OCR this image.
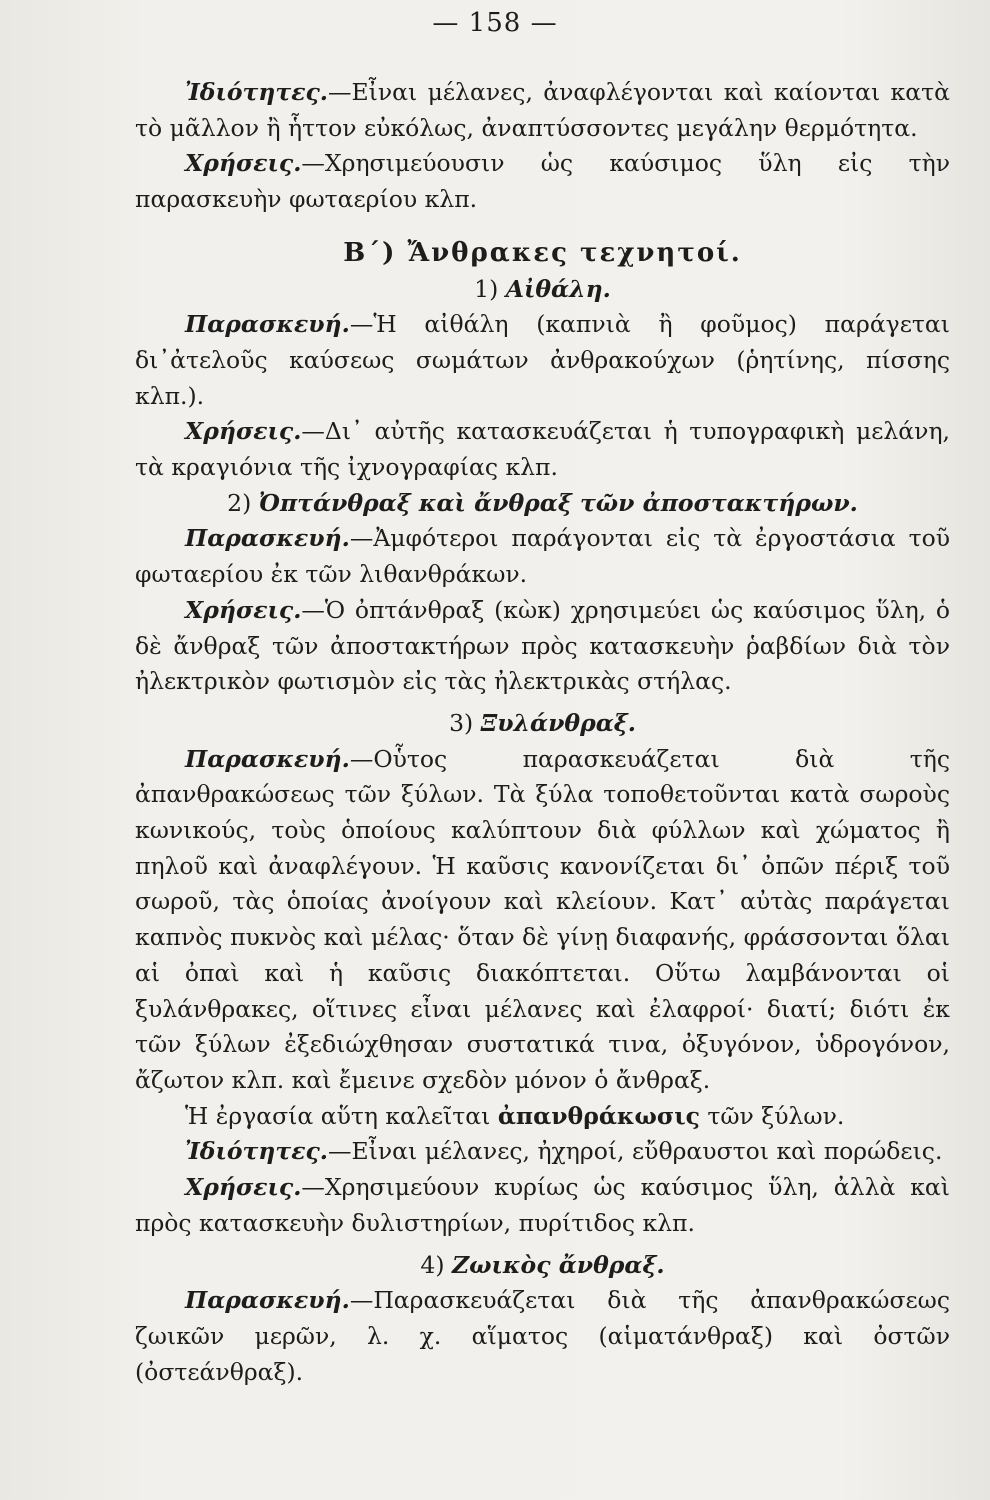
— 158 —

Ἰδιότητες.—Εἶναι μέλανες, ἀναφλέγονται καὶ καίονται κατὰ τὸ μᾶλλον ἢ ἧττον εὐκόλως, ἀναπτύσσοντες μεγάλην θερμότητα.

Χρήσεις.—Χρησιμεύουσιν ὡς καύσιμος ὕλη εἰς τὴν παρασκευὴν φωταερίου κλπ.

Β΄) Ἄνθρακες τεχνητοί.

1) Αἰθάλη.

Παρασκευή.—Ἡ αἰθάλη (καπνιὰ ἢ φοῦμος) παράγεται δι᾽ἀτελοῦς καύσεως σωμάτων ἀνθρακούχων (ῥητίνης, πίσσης κλπ.).

Χρήσεις.—Δι᾽ αὐτῆς κατασκευάζεται ἡ τυπογραφικὴ μελάνη, τὰ κραγιόνια τῆς ἰχνογραφίας κλπ.

2) Ὀπτάνθραξ καὶ ἄνθραξ τῶν ἀποστακτήρων.

Παρασκευή.—Ἀμφότεροι παράγονται εἰς τὰ ἐργοστάσια τοῦ φωταερίου ἐκ τῶν λιθανθράκων.

Χρήσεις.—Ὁ ὀπτάνθραξ (κὼκ) χρησιμεύει ὡς καύσιμος ὕλη, ὁ δὲ ἄνθραξ τῶν ἀποστακτήρων πρὸς κατασκευὴν ῥαβδίων διὰ τὸν ἠλεκτρικὸν φωτισμὸν εἰς τὰς ἠλεκτρικὰς στήλας.

3) Ξυλάνθραξ.

Παρασκευή.—Οὗτος παρασκευάζεται διὰ τῆς ἀπανθρακώσεως τῶν ξύλων. Τὰ ξύλα τοποθετοῦνται κατὰ σωροὺς κωνικούς, τοὺς ὁποίους καλύπτουν διὰ φύλλων καὶ χώματος ἢ πηλοῦ καὶ ἀναφλέγουν. Ἡ καῦσις κανονίζεται δι᾽ ὀπῶν πέριξ τοῦ σωροῦ, τὰς ὁποίας ἀνοίγουν καὶ κλείουν. Κατ᾽ αὐτὰς παράγεται καπνὸς πυκνὸς καὶ μέλας· ὅταν δὲ γίνῃ διαφανής, φράσσονται ὅλαι αἱ ὀπαὶ καὶ ἡ καῦσις διακόπτεται. Οὕτω λαμβάνονται οἱ ξυλάνθρακες, οἵτινες εἶναι μέλανες καὶ ἐλαφροί· διατί; διότι ἐκ τῶν ξύλων ἐξεδιώχθησαν συστατικά τινα, ὀξυγόνον, ὑδρογόνον, ἄζωτον κλπ. καὶ ἔμεινε σχεδὸν μόνον ὁ ἄνθραξ.

Ἡ ἐργασία αὕτη καλεῖται ἀπανθράκωσις τῶν ξύλων.

Ἰδιότητες.—Εἶναι μέλανες, ἠχηροί, εὔθραυστοι καὶ πορώδεις.

Χρήσεις.—Χρησιμεύουν κυρίως ὡς καύσιμος ὕλη, ἀλλὰ καὶ πρὸς κατασκευὴν δυλιστηρίων, πυρίτιδος κλπ.

4) Ζωικὸς ἄνθραξ.

Παρασκευή.—Παρασκευάζεται διὰ τῆς ἀπανθρακώσεως ζωικῶν μερῶν, λ. χ. αἵματος (αἱματάνθραξ) καὶ ὀστῶν (ὀστεάνθραξ).
